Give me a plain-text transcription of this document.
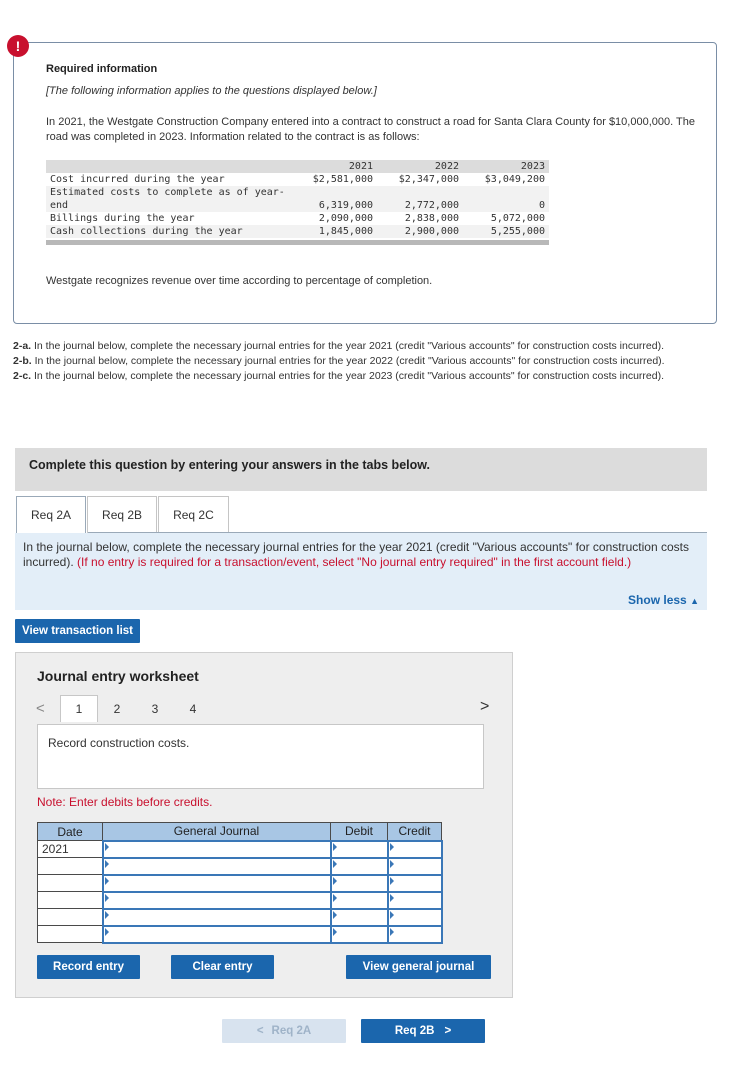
!
Required information
[The following information applies to the questions displayed below.]
In 2021, the Westgate Construction Company entered into a contract to construct a road for Santa Clara County for $10,000,000. The road was completed in 2023. Information related to the contract is as follows:
	2021	2022	2023
Cost incurred during the year	$2,581,000	$2,347,000	$3,049,200
Estimated costs to complete as of year-end	6,319,000	2,772,000	0
Billings during the year	2,090,000	2,838,000	5,072,000
Cash collections during the year	1,845,000	2,900,000	5,255,000
Westgate recognizes revenue over time according to percentage of completion.

2-a. In the journal below, complete the necessary journal entries for the year 2021 (credit "Various accounts" for construction costs incurred).

2-b. In the journal below, complete the necessary journal entries for the year 2022 (credit "Various accounts" for construction costs incurred).

2-c. In the journal below, complete the necessary journal entries for the year 2023 (credit "Various accounts" for construction costs incurred).

Complete this question by entering your answers in the tabs below.
Req 2A	Req 2B	Req 2C
In the journal below, complete the necessary journal entries for the year 2021 (credit "Various accounts" for construction costs incurred). (If no entry is required for a transaction/event, select "No journal entry required" in the first account field.)
Show less ▲
View transaction list
Journal entry worksheet
<	1	2	3	4	>
Record construction costs.
Note: Enter debits before credits.
Date	General Journal	Debit	Credit
2021			

Record entry	Clear entry	View general journal
< Req 2A	Req 2B >
